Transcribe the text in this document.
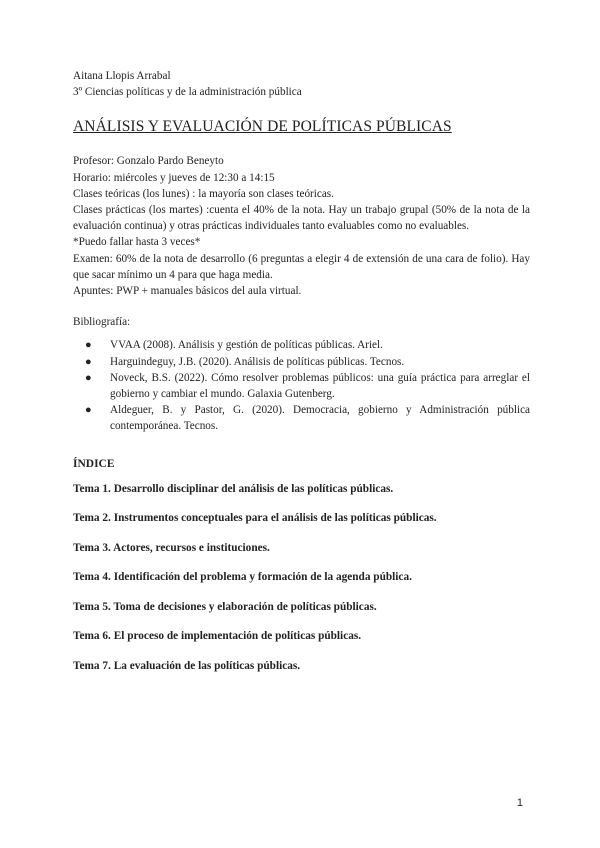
Aitana Llopis Arrabal

3º Ciencias políticas y de la administración pública

ANÁLISIS Y EVALUACIÓN DE POLÍTICAS PÚBLICAS

Profesor: Gonzalo Pardo Beneyto

Horario: miércoles y jueves de 12:30 a 14:15

Clases teóricas (los lunes) : la mayoría son clases teóricas.

Clases prácticas (los martes) :cuenta el 40% de la nota. Hay un trabajo grupal (50% de la nota de la evaluación continua) y otras prácticas individuales tanto evaluables como no evaluables.

*Puedo fallar hasta 3 veces*

Examen: 60% de la nota de desarrollo (6 preguntas a elegir 4 de extensión de una cara de folio). Hay que sacar mínimo un 4 para que haga media.

Apuntes: PWP + manuales básicos del aula virtual.

Bibliografía:

● VVAA (2008). Análisis y gestión de políticas públicas. Ariel.
● Harguindeguy, J.B. (2020). Análisis de políticas públicas. Tecnos.
● Noveck, B.S. (2022). Cómo resolver problemas públicos: una guía práctica para arreglar el gobierno y cambiar el mundo. Galaxia Gutenberg.
● Aldeguer, B. y Pastor, G. (2020). Democracia, gobierno y Administración pública contemporánea. Tecnos.
ÍNDICE

Tema 1. Desarrollo disciplinar del análisis de las políticas públicas.

Tema 2. Instrumentos conceptuales para el análisis de las políticas públicas.

Tema 3. Actores, recursos e instituciones.

Tema 4. Identificación del problema y formación de la agenda pública.

Tema 5. Toma de decisiones y elaboración de políticas públicas.

Tema 6. El proceso de implementación de políticas públicas.

Tema 7. La evaluación de las políticas públicas.

1
